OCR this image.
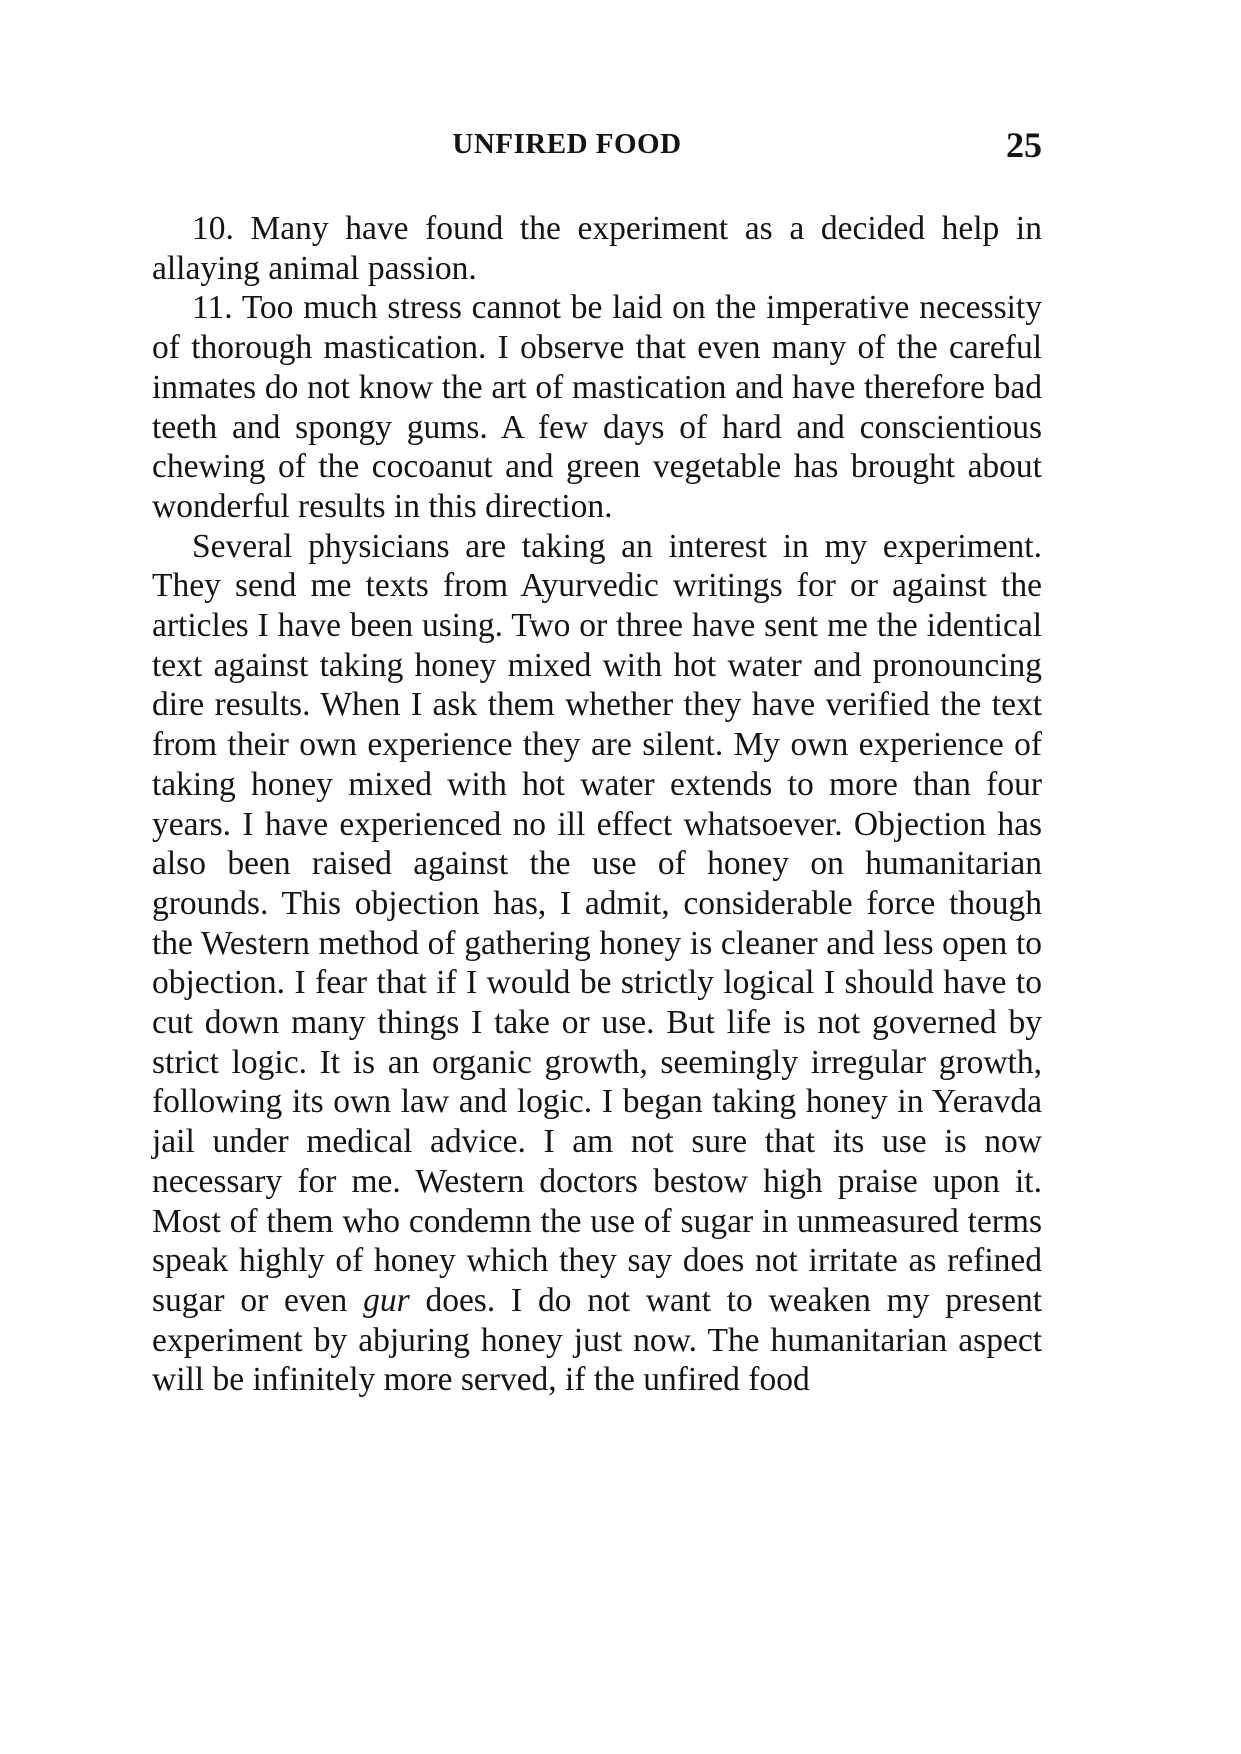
UNFIRED FOOD	25

10. Many have found the experiment as a decided help in allaying animal passion.

11. Too much stress cannot be laid on the imperative necessity of thorough mastication. I observe that even many of the careful inmates do not know the art of mastication and have therefore bad teeth and spongy gums. A few days of hard and conscientious chewing of the cocoanut and green vegetable has brought about wonderful results in this direction.

Several physicians are taking an interest in my experiment. They send me texts from Ayurvedic writings for or against the articles I have been using. Two or three have sent me the identical text against taking honey mixed with hot water and pronouncing dire results. When I ask them whether they have verified the text from their own experience they are silent. My own experience of taking honey mixed with hot water extends to more than four years. I have experienced no ill effect whatsoever. Objection has also been raised against the use of honey on humanitarian grounds. This objection has, I admit, considerable force though the Western method of gathering honey is cleaner and less open to objection. I fear that if I would be strictly logical I should have to cut down many things I take or use. But life is not governed by strict logic. It is an organic growth, seemingly irregular growth, following its own law and logic. I began taking honey in Yeravda jail under medical advice. I am not sure that its use is now necessary for me. Western doctors bestow high praise upon it. Most of them who condemn the use of sugar in unmeasured terms speak highly of honey which they say does not irritate as refined sugar or even gur does. I do not want to weaken my present experiment by abjuring honey just now. The humanitarian aspect will be infinitely more served, if the unfired food
